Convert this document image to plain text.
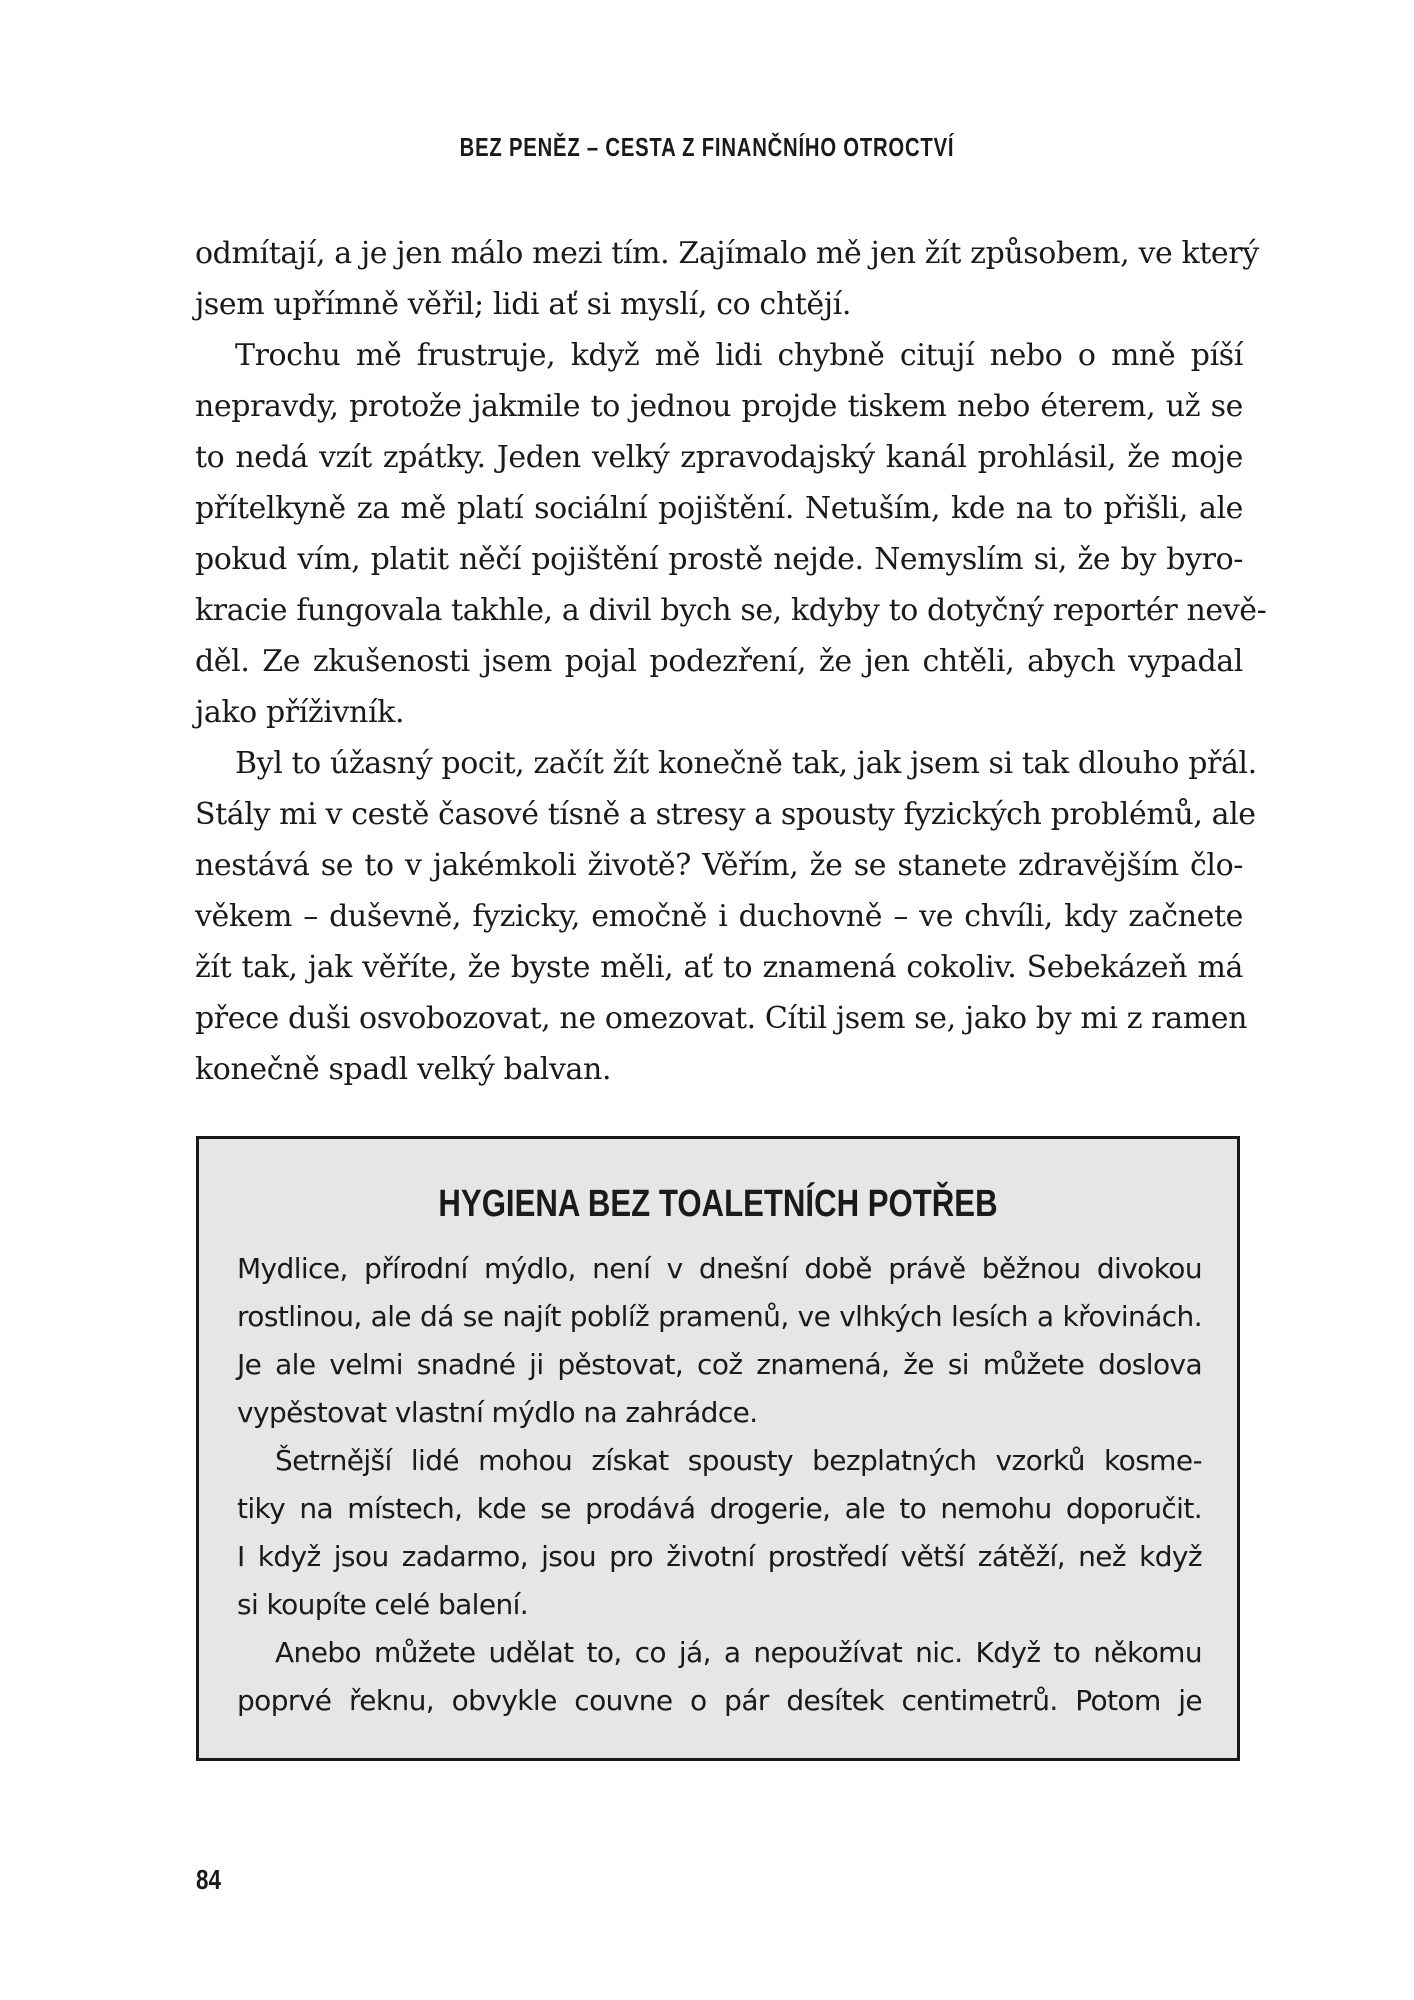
BEZ PENĚZ – CESTA Z FINANČNÍHO OTROCTVÍ
odmítají, a je jen málo mezi tím. Zajímalo mě jen žít způsobem, ve který
jsem upřímně věřil; lidi ať si myslí, co chtějí.
Trochu mě frustruje, když mě lidi chybně citují nebo o mně píší
nepravdy, protože jakmile to jednou projde tiskem nebo éterem, už se
to nedá vzít zpátky. Jeden velký zpravodajský kanál prohlásil, že moje
přítelkyně za mě platí sociální pojištění. Netuším, kde na to přišli, ale
pokud vím, platit něčí pojištění prostě nejde. Nemyslím si, že by byro-
kracie fungovala takhle, a divil bych se, kdyby to dotyčný reportér nevě-
děl. Ze zkušenosti jsem pojal podezření, že jen chtěli, abych vypadal
jako příživník.
Byl to úžasný pocit, začít žít konečně tak, jak jsem si tak dlouho přál.
Stály mi v cestě časové tísně a stresy a spousty fyzických problémů, ale
nestává se to v jakémkoli životě? Věřím, že se stanete zdravějším člo-
věkem – duševně, fyzicky, emočně i duchovně – ve chvíli, kdy začnete
žít tak, jak věříte, že byste měli, ať to znamená cokoliv. Sebekázeň má
přece duši osvobozovat, ne omezovat. Cítil jsem se, jako by mi z ramen
konečně spadl velký balvan.
HYGIENA BEZ TOALETNÍCH POTŘEB
Mydlice, přírodní mýdlo, není v dnešní době právě běžnou divokou
rostlinou, ale dá se najít poblíž pramenů, ve vlhkých lesích a křovinách.
Je ale velmi snadné ji pěstovat, což znamená, že si můžete doslova
vypěstovat vlastní mýdlo na zahrádce.
Šetrnější lidé mohou získat spousty bezplatných vzorků kosme-
tiky na místech, kde se prodává drogerie, ale to nemohu doporučit.
I když jsou zadarmo, jsou pro životní prostředí větší zátěží, než když
si koupíte celé balení.
Anebo můžete udělat to, co já, a nepoužívat nic. Když to někomu
poprvé řeknu, obvykle couvne o pár desítek centimetrů. Potom je
84
